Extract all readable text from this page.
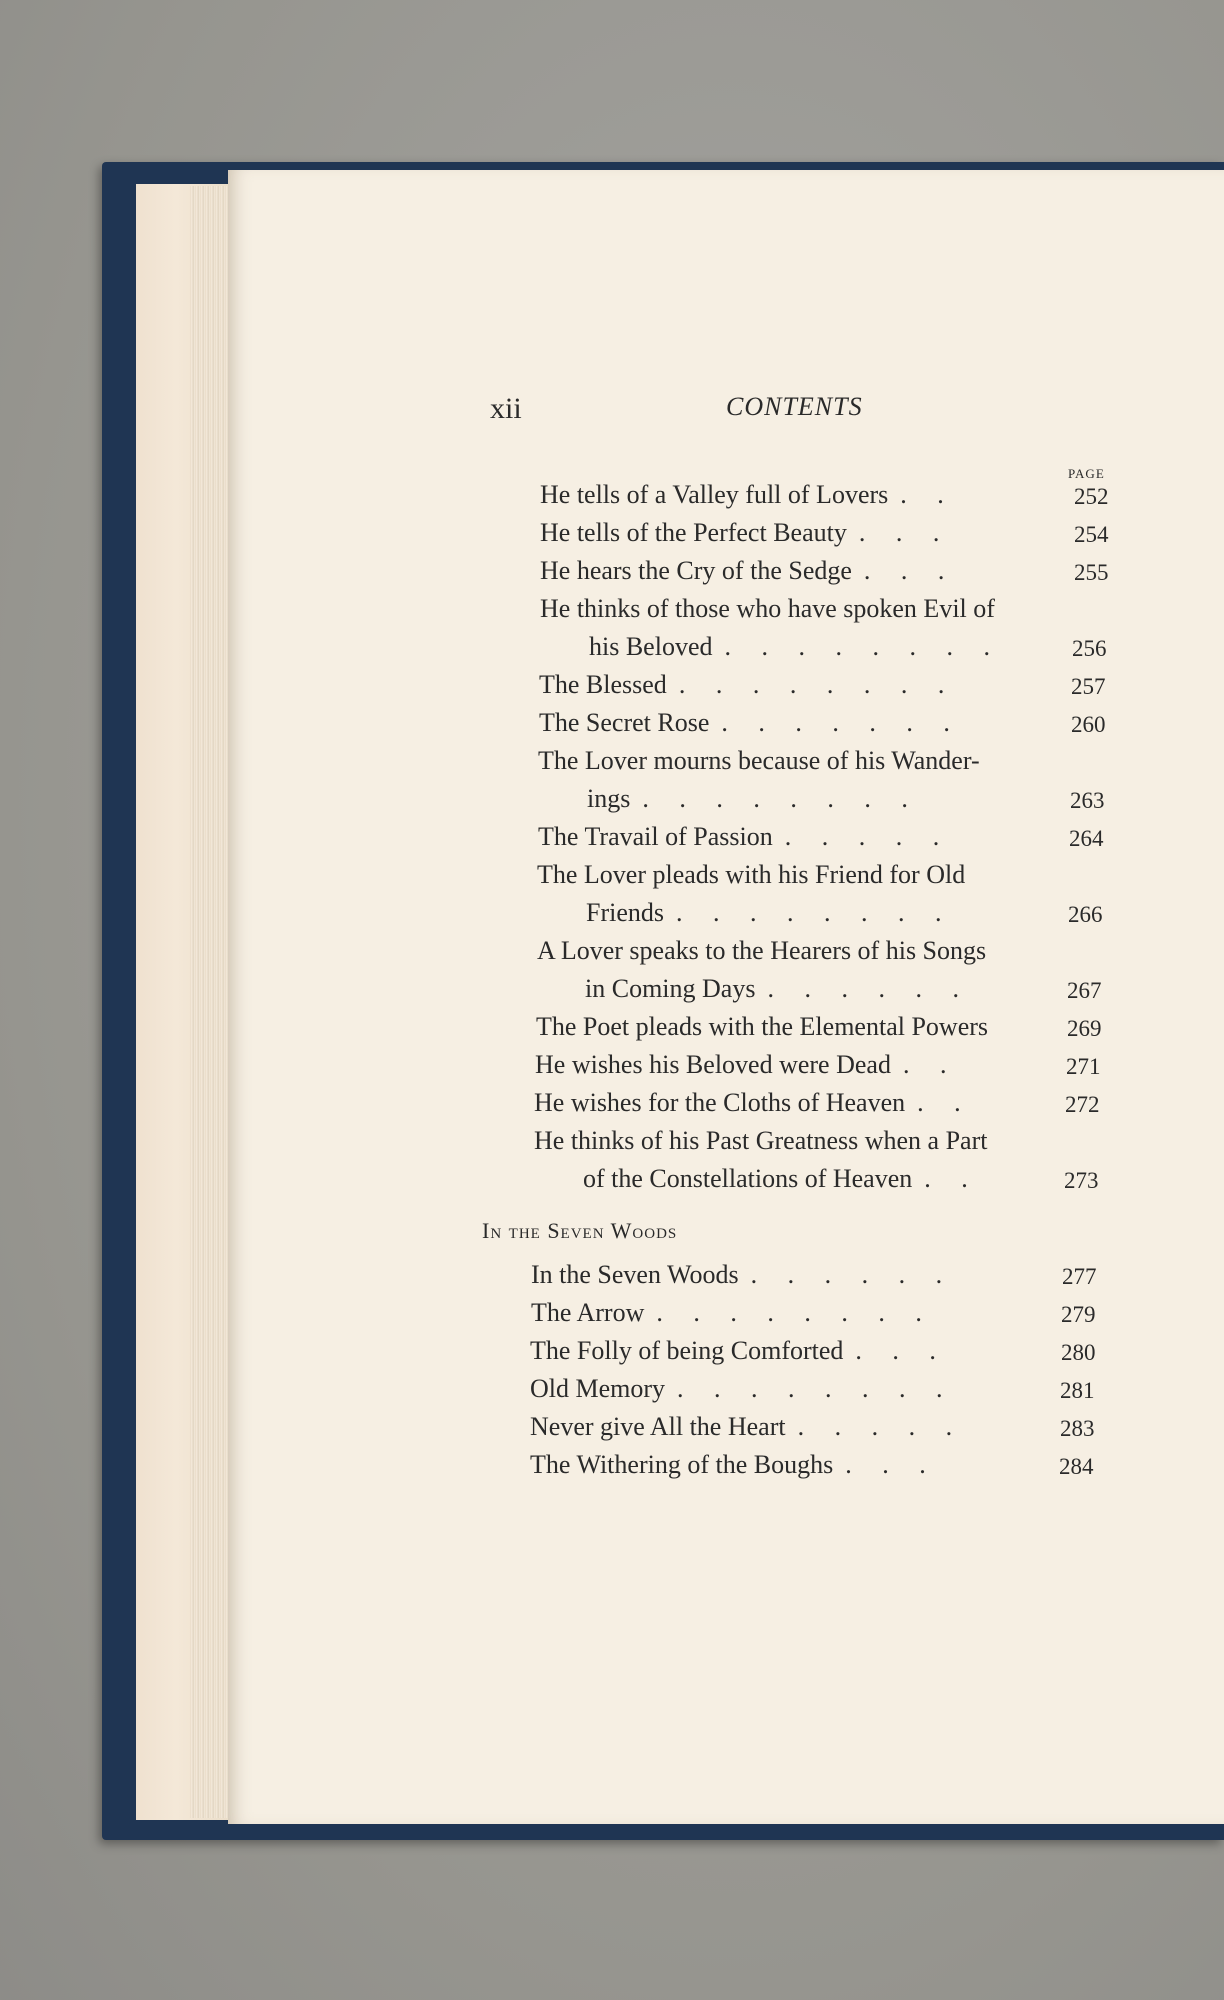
xii	CONTENTS
PAGE
He tells of a Valley full of Lovers . .	252
He tells of the Perfect Beauty . . .	254
He hears the Cry of the Sedge . . .	255
He thinks of those who have spoken Evil of
his Beloved . . . . . . . .	256
The Blessed . . . . . . . .	257
The Secret Rose . . . . . . .	260
The Lover mourns because of his Wander-
ings . . . . . . . .	263
The Travail of Passion . . . . .	264
The Lover pleads with his Friend for Old
Friends . . . . . . . .	266
A Lover speaks to the Hearers of his Songs
in Coming Days . . . . . .	267
The Poet pleads with the Elemental Powers	269
He wishes his Beloved were Dead . .	271
He wishes for the Cloths of Heaven . .	272
He thinks of his Past Greatness when a Part
of the Constellations of Heaven . .	273
In the Seven Woods
In the Seven Woods . . . . . .	277
The Arrow . . . . . . . .	279
The Folly of being Comforted . . .	280
Old Memory . . . . . . . .	281
Never give All the Heart . . . . .	283
The Withering of the Boughs . . .	284
